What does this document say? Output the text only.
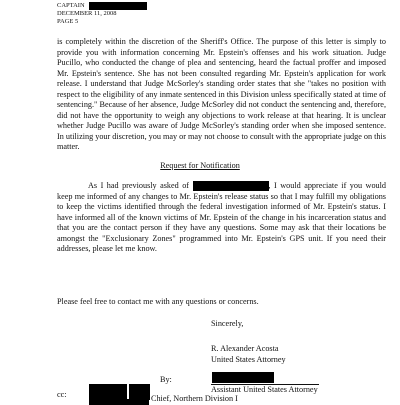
CAPTAIN
DECEMBER 11, 2008
PAGE 5
is completely within the discretion of the Sheriff's Office. The purpose of this letter is simply to provide you with information concerning Mr. Epstein's offenses and his work situation. Judge Pucillo, who conducted the change of plea and sentencing, heard the factual proffer and imposed Mr. Epstein's sentence. She has not been consulted regarding Mr. Epstein's application for work release. I understand that Judge McSorley's standing order states that she "takes no position with respect to the eligibility of any inmate sentenced in this Division unless specifically stated at time of sentencing." Because of her absence, Judge McSorley did not conduct the sentencing and, therefore, did not have the opportunity to weigh any objections to work release at that hearing. It is unclear whether Judge Pucillo was aware of Judge McSorley's standing order when she imposed sentence. In utilizing your discretion, you may or may not choose to consult with the appropriate judge on this matter.
Request for Notification
As I had previously asked of	, I would appreciate if you would keep me informed of any changes to Mr. Epstein's release status so that I may fulfill my obligations to keep the victims identified through the federal investigation informed of Mr. Epstein's status. I have informed all of the known victims of Mr. Epstein of the change in his incarceration status and that you are the contact person if they have any questions. Some may ask that their locations be amongst the "Exclusionary Zones" programmed into Mr. Epstein's GPS unit. If you need their addresses, please let me know.
Please feel free to contact me with any questions or concerns.
Sincerely,
R. Alexander Acosta
United States Attorney
By:
Assistant United States Attorney
cc:	Chief, Northern Division I
